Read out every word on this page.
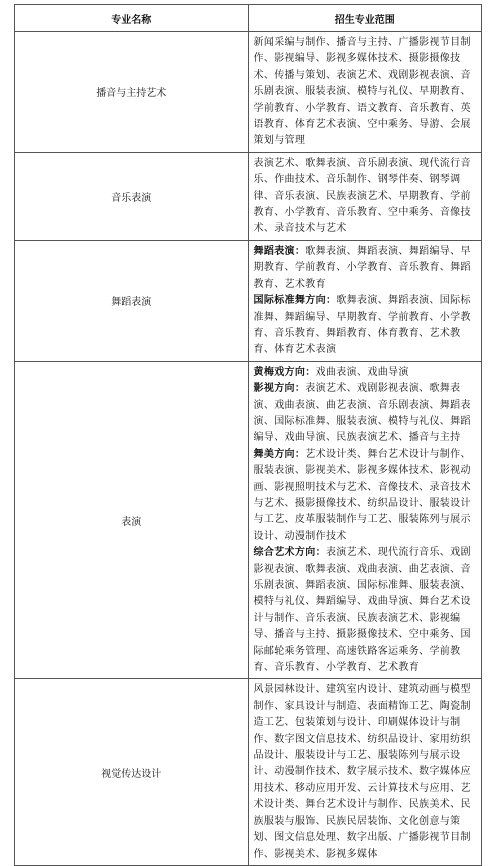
专业名称	招生专业范围
播音与主持艺术	新闻采编与制作、播音与主持、广播影视节目制作、影视编导、影视多媒体技术、摄影摄像技术、传播与策划、表演艺术、戏剧影视表演、音乐剧表演、服装表演、模特与礼仪、早期教育、学前教育、小学教育、语文教育、音乐教育、英语教育、体育艺术表演、空中乘务、导游、会展策划与管理

音乐表演	表演艺术、歌舞表演、音乐剧表演、现代流行音乐、作曲技术、音乐制作、钢琴伴奏、钢琴调律、音乐表演、民族表演艺术、早期教育、学前教育、小学教育、音乐教育、空中乘务、音像技术、录音技术与艺术

舞蹈表演	舞蹈表演：歌舞表演、舞蹈表演、舞蹈编导、早期教育、学前教育、小学教育、音乐教育、舞蹈教育、艺术教育
国际标准舞方向：歌舞表演、舞蹈表演、国际标准舞、舞蹈编导、早期教育、学前教育、小学教育、音乐教育、舞蹈教育、体育教育、艺术教育、体育艺术表演

表演	黄梅戏方向：戏曲表演、戏曲导演
影视方向：表演艺术、戏剧影视表演、歌舞表演、戏曲表演、曲艺表演、音乐剧表演、舞蹈表演、国际标准舞、服装表演、模特与礼仪、舞蹈编导、戏曲导演、民族表演艺术、播音与主持
舞美方向：艺术设计类、舞台艺术设计与制作、服装表演、影视美术、影视多媒体技术、影视动画、影视照明技术与艺术、音像技术、录音技术与艺术、摄影摄像技术、纺织品设计、服装设计与工艺、皮革服装制作与工艺、服装陈列与展示设计、动漫制作技术
综合艺术方向：表演艺术、现代流行音乐、戏剧影视表演、歌舞表演、戏曲表演、曲艺表演、音乐剧表演、舞蹈表演、国际标准舞、服装表演、模特与礼仪、舞蹈编导、戏曲导演、舞台艺术设计与制作、音乐表演、民族表演艺术、影视编导、播音与主持、摄影摄像技术、空中乘务、国际邮轮乘务管理、高速铁路客运乘务、学前教育、音乐教育、小学教育、艺术教育

视觉传达设计	风景园林设计、建筑室内设计、建筑动画与模型制作、家具设计与制造、表面精饰工艺、陶瓷制造工艺、包装策划与设计、印刷媒体设计与制作、数字图文信息技术、纺织品设计、家用纺织品设计、服装设计与工艺、服装陈列与展示设计、动漫制作技术、数字展示技术、数字媒体应用技术、移动应用开发、云计算技术与应用、艺术设计类、舞台艺术设计与制作、民族美术、民族服装与服饰、民族民居装饰、文化创意与策划、图文信息处理、数字出版、广播影视节目制作、影视美术、影视多媒体
